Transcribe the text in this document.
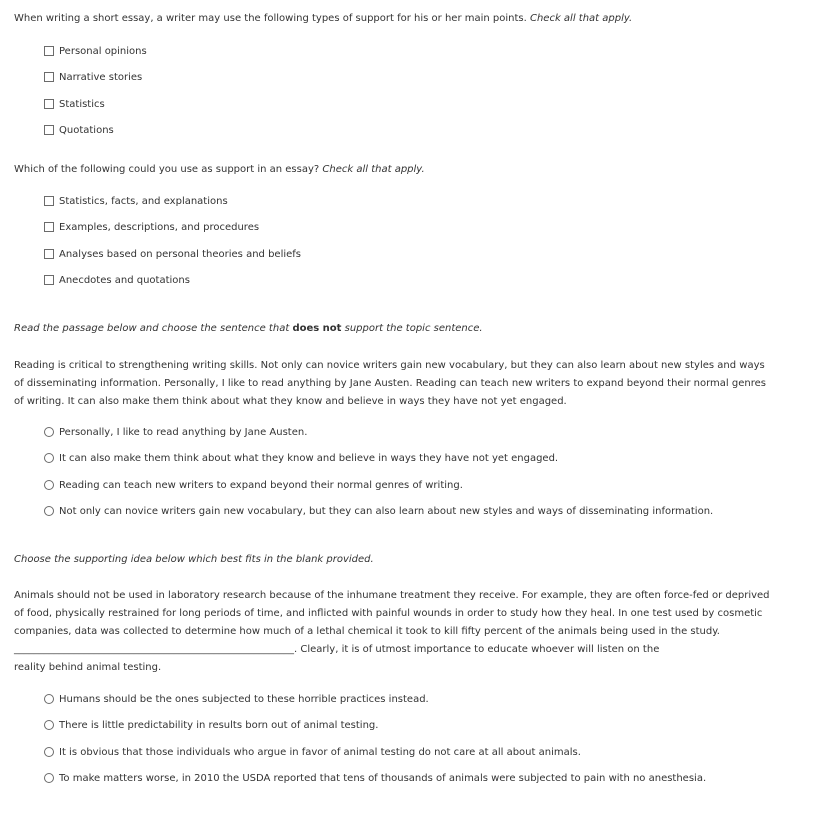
When writing a short essay, a writer may use the following types of support for his or her main points. Check all that apply.
Personal opinions
Narrative stories
Statistics
Quotations
Which of the following could you use as support in an essay? Check all that apply.
Statistics, facts, and explanations
Examples, descriptions, and procedures
Analyses based on personal theories and beliefs
Anecdotes and quotations
Read the passage below and choose the sentence that does not support the topic sentence.
Reading is critical to strengthening writing skills. Not only can novice writers gain new vocabulary, but they can also learn about new styles and ways
of disseminating information. Personally, I like to read anything by Jane Austen. Reading can teach new writers to expand beyond their normal genres
of writing. It can also make them think about what they know and believe in ways they have not yet engaged.
Personally, I like to read anything by Jane Austen.
It can also make them think about what they know and believe in ways they have not yet engaged.
Reading can teach new writers to expand beyond their normal genres of writing.
Not only can novice writers gain new vocabulary, but they can also learn about new styles and ways of disseminating information.
Choose the supporting idea below which best fits in the blank provided.
Animals should not be used in laboratory research because of the inhumane treatment they receive. For example, they are often force-fed or deprived
of food, physically restrained for long periods of time, and inflicted with painful wounds in order to study how they heal. In one test used by cosmetic
companies, data was collected to determine how much of a lethal chemical it took to kill fifty percent of the animals being used in the study.
________________________________________________________. Clearly, it is of utmost importance to educate whoever will listen on the
reality behind animal testing.
Humans should be the ones subjected to these horrible practices instead.
There is little predictability in results born out of animal testing.
It is obvious that those individuals who argue in favor of animal testing do not care at all about animals.
To make matters worse, in 2010 the USDA reported that tens of thousands of animals were subjected to pain with no anesthesia.
